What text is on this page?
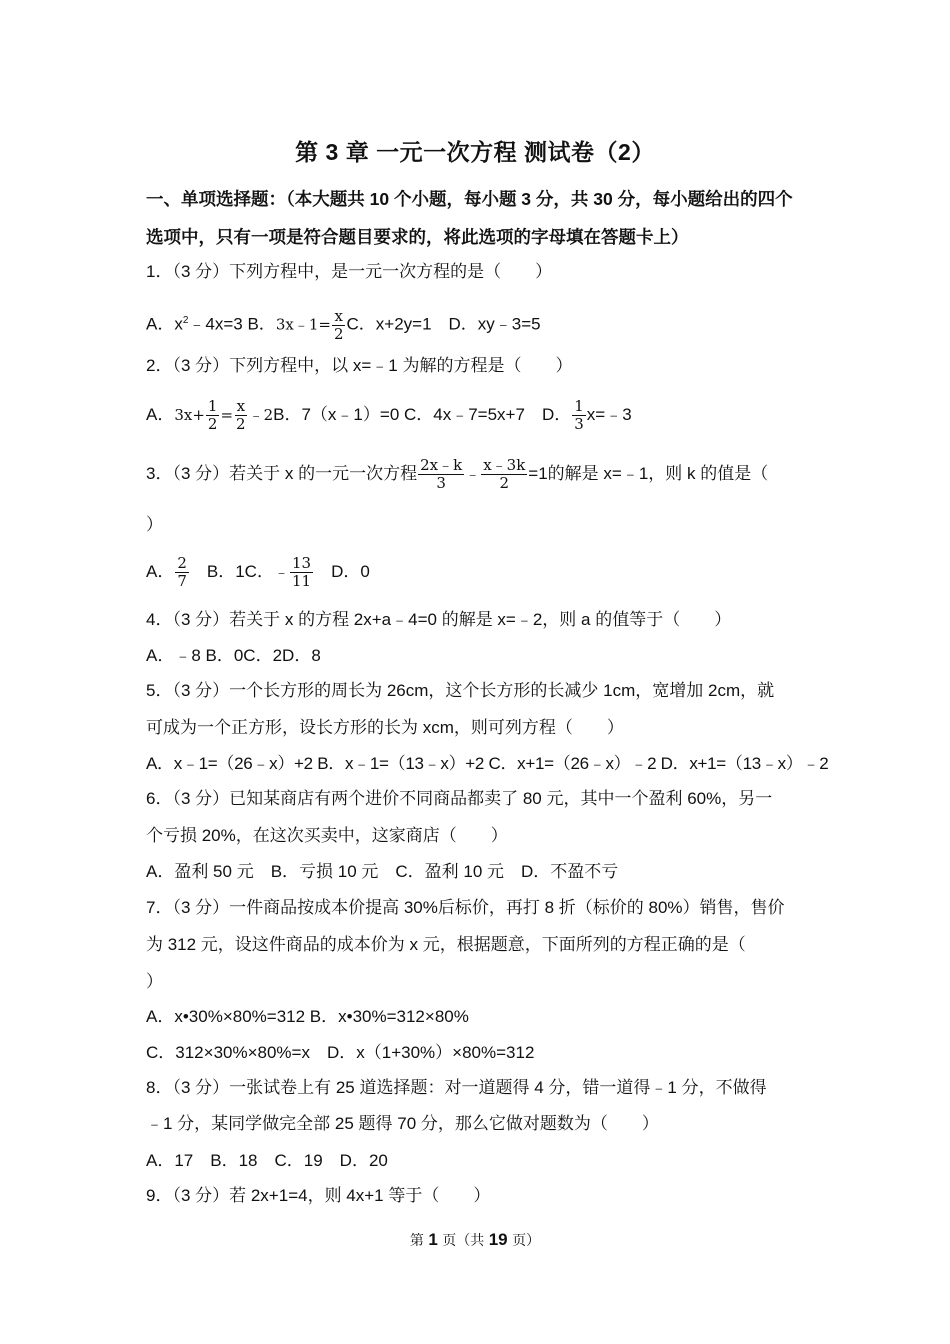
第 3 章 一元一次方程 测试卷（2）
一、单项选择题：（本大题共 10 个小题，每小题 3 分，共 30 分，每小题给出的四个
选项中，只有一项是符合题目要求的，将此选项的字母填在答题卡上）
1．（3 分）下列方程中，是一元一次方程的是（　　）
A．$x^2﹣4x=3$ B．3x﹣1= $\frac{x}{2}$ C．x+2y=1　D．xy﹣3=5
2．（3 分）下列方程中，以 x=﹣1 为解的方程是（　　）
A．$3x+ \frac{1}{2} = \frac{x}{2}$ ﹣2B．7（x﹣1）=0 C．4x﹣7=5x+7　D． $\frac{1}{3}$ x=﹣3
3．（3 分）若关于 x 的一元一次方程 $\frac{2x﹣k}{3}$ ﹣ $\frac{x﹣3k}{2} =1$的解是 x=﹣1，则 k 的值是（
）
A． $\frac{2}{7}$ 　B．1C．﹣ $\frac{13}{11}$ 　D．0
4．（3 分）若关于 x 的方程 2x+a﹣4=0 的解是 x=﹣2，则 a 的值等于（　　）
A．﹣8 B．0C．2D．8
5．（3 分）一个长方形的周长为 26cm，这个长方形的长减少 1cm，宽增加 2cm，就
可成为一个正方形，设长方形的长为 xcm，则可列方程（　　）
A．x﹣1=（26﹣x）+2 B．x﹣1=（13﹣x）+2 C．x+1=（26﹣x）﹣2 D．x+1=（13﹣x）﹣2
6．（3 分）已知某商店有两个进价不同商品都卖了 80 元，其中一个盈利 60%，另一
个亏损 20%，在这次买卖中，这家商店（　　）
A．盈利 50 元　B．亏损 10 元　C．盈利 10 元　D．不盈不亏
7．（3 分）一件商品按成本价提高 30%后标价，再打 8 折（标价的 80%）销售，售价
为 312 元，设这件商品的成本价为 x 元，根据题意，下面所列的方程正确的是（
）
A．x•30%×80%=312 B．x•30%=312×80%
C．312×30%×80%=x　D．x（1+30%）×80%=312
8．（3 分）一张试卷上有 25 道选择题：对一道题得 4 分，错一道得﹣1 分，不做得
﹣1 分，某同学做完全部 25 题得 70 分，那么它做对题数为（　　）
A．17　B．18　C．19　D．20
9．（3 分）若 2x+1=4，则 4x+1 等于（　　）
第 1 页（共 19 页）
